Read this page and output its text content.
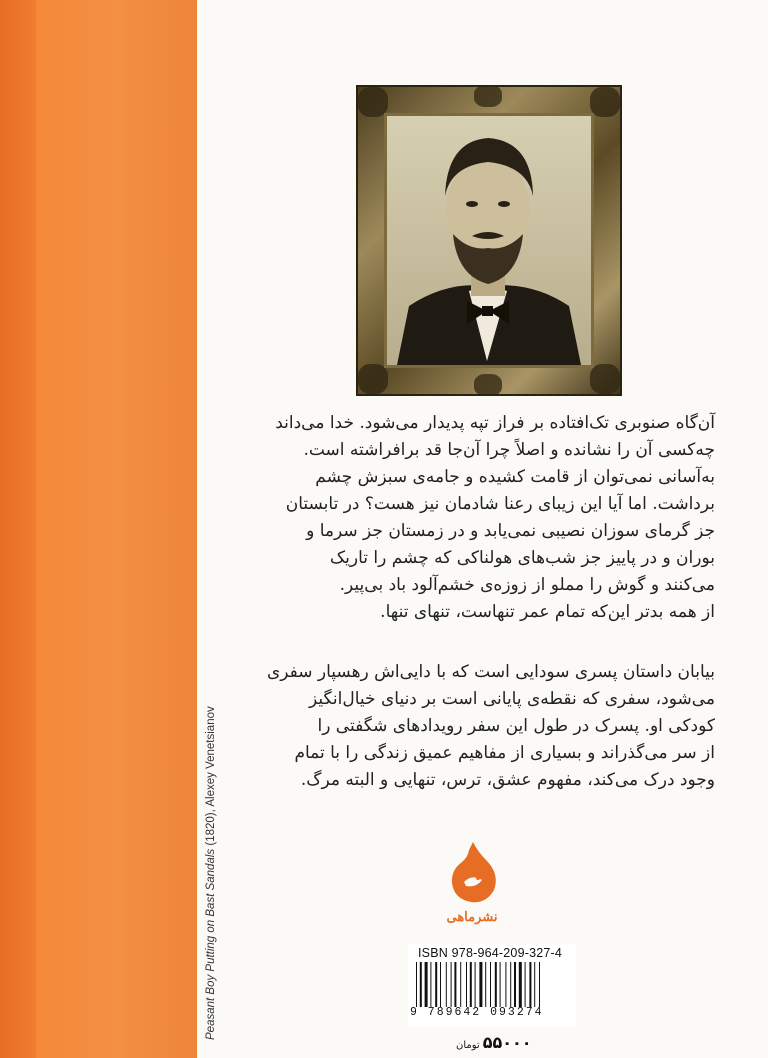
Peasant Boy Putting on Bast Sandals (1820), Alexey Venetsianov
آن‌گاه صنوبری تک‌افتاده بر فراز تپه پدیدار می‌شود. خدا می‌داند
چه‌کسی آن را نشانده و اصلاً چرا آن‌جا قد برافراشته است.
به‌آسانی نمی‌توان از قامت کشیده و جامه‌ی سبزش چشم
برداشت. اما آیا این زیبای رعنا شادمان نیز هست؟ در تابستان
جز گرمای سوزان نصیبی نمی‌یابد و در زمستان جز سرما و
بوران و در پاییز جز شب‌های هولناکی که چشم را تاریک
می‌کنند و گوش را مملو از زوزه‌ی خشم‌آلود باد بی‌پیر.
از همه بدتر این‌که تمام عمر تنهاست، تنهای تنها.
بیابان داستان پسری سودایی است که با دایی‌اش رهسپار سفری
می‌شود، سفری که نقطه‌ی پایانی است بر دنیای خیال‌انگیز
کودکی او. پسرک در طول این سفر رویدادهای شگفتی را
از سر می‌گذراند و بسیاری از مفاهیم عمیق زندگی را با تمام
وجود درک می‌کند، مفهوم عشق، ترس، تنهایی و البته مرگ.
نشرماهی
ISBN 978-964-209-327-4
9 789642 093274
۵۵۰۰۰تومان
